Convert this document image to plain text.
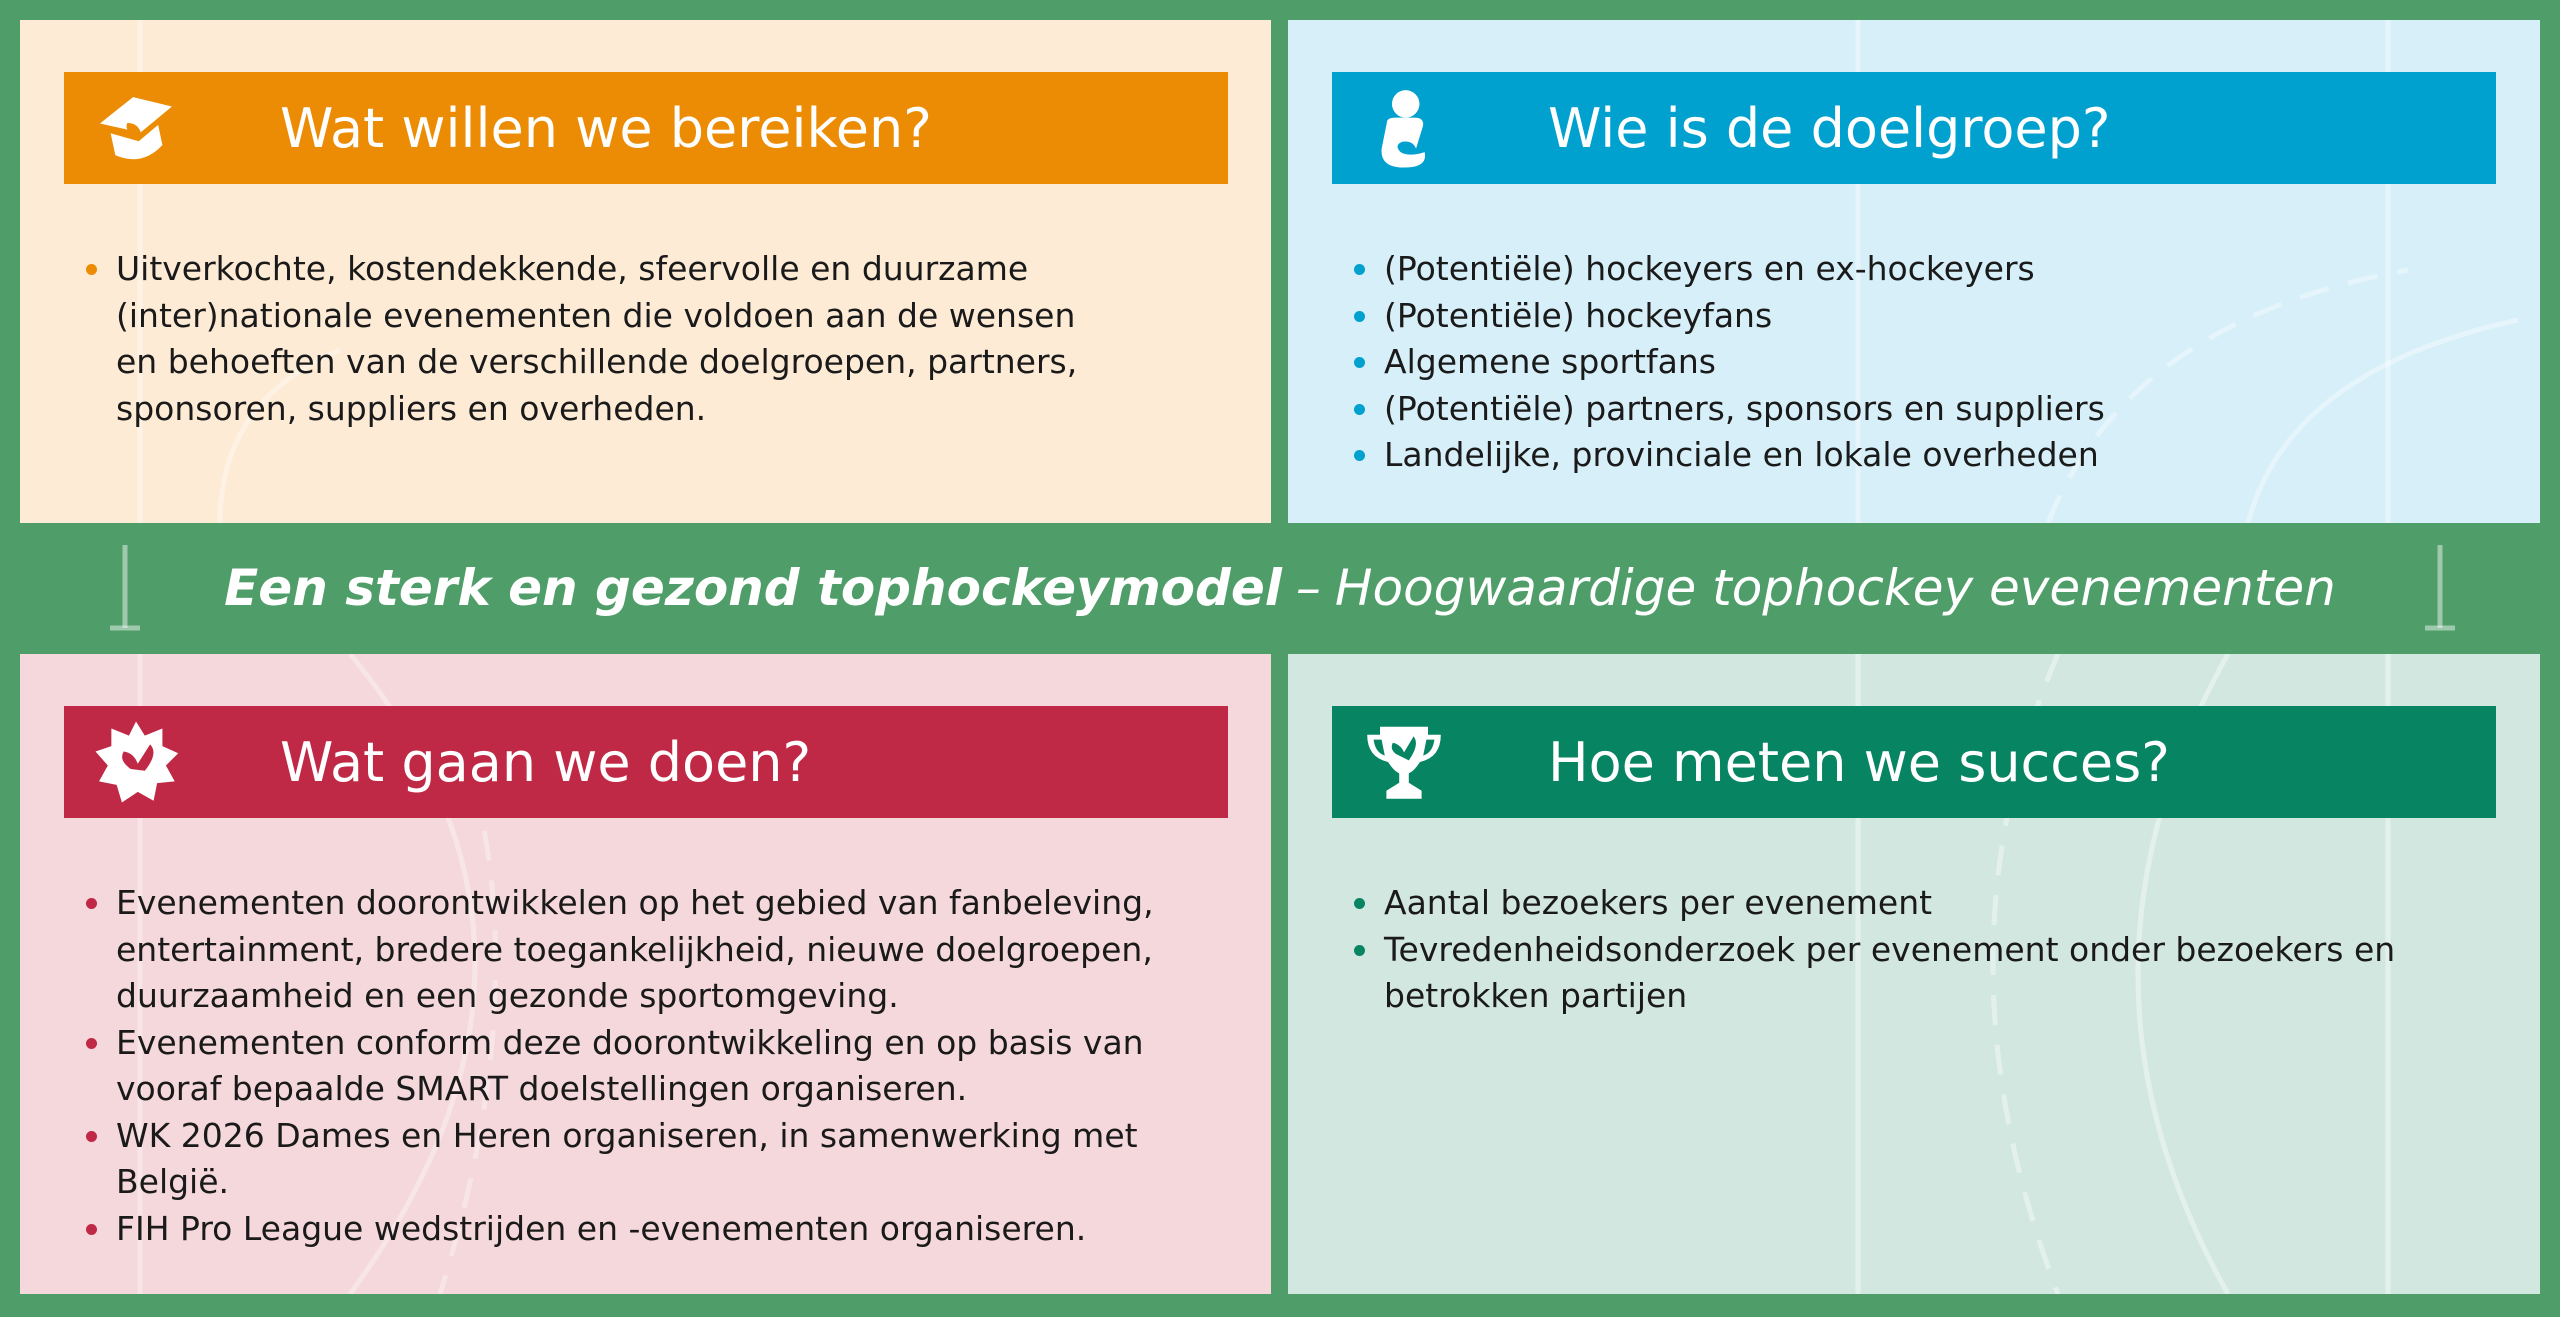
Wat willen we bereiken?
Uitverkochte, kostendekkende, sfeervolle en duurzame
(inter)nationale evenementen die voldoen aan de wensen
en behoeften van de verschillende doelgroepen, partners,
sponsoren, suppliers en overheden.
Wie is de doelgroep?
(Potentiële) hockeyers en ex-hockeyers
(Potentiële) hockeyfans
Algemene sportfans
(Potentiële) partners, sponsors en suppliers
Landelijke, provinciale en lokale overheden
Een sterk en gezond tophockeymodel – Hoogwaardige tophockey evenementen
Wat gaan we doen?
Evenementen doorontwikkelen op het gebied van fanbeleving,
entertainment, bredere toegankelijkheid, nieuwe doelgroepen,
duurzaamheid en een gezonde sportomgeving.
Evenementen conform deze doorontwikkeling en op basis van
vooraf bepaalde SMART doelstellingen organiseren.
WK 2026 Dames en Heren organiseren, in samenwerking met
België.
FIH Pro League wedstrijden en -evenementen organiseren.
Hoe meten we succes?
Aantal bezoekers per evenement
Tevredenheidsonderzoek per evenement onder bezoekers en
betrokken partijen
